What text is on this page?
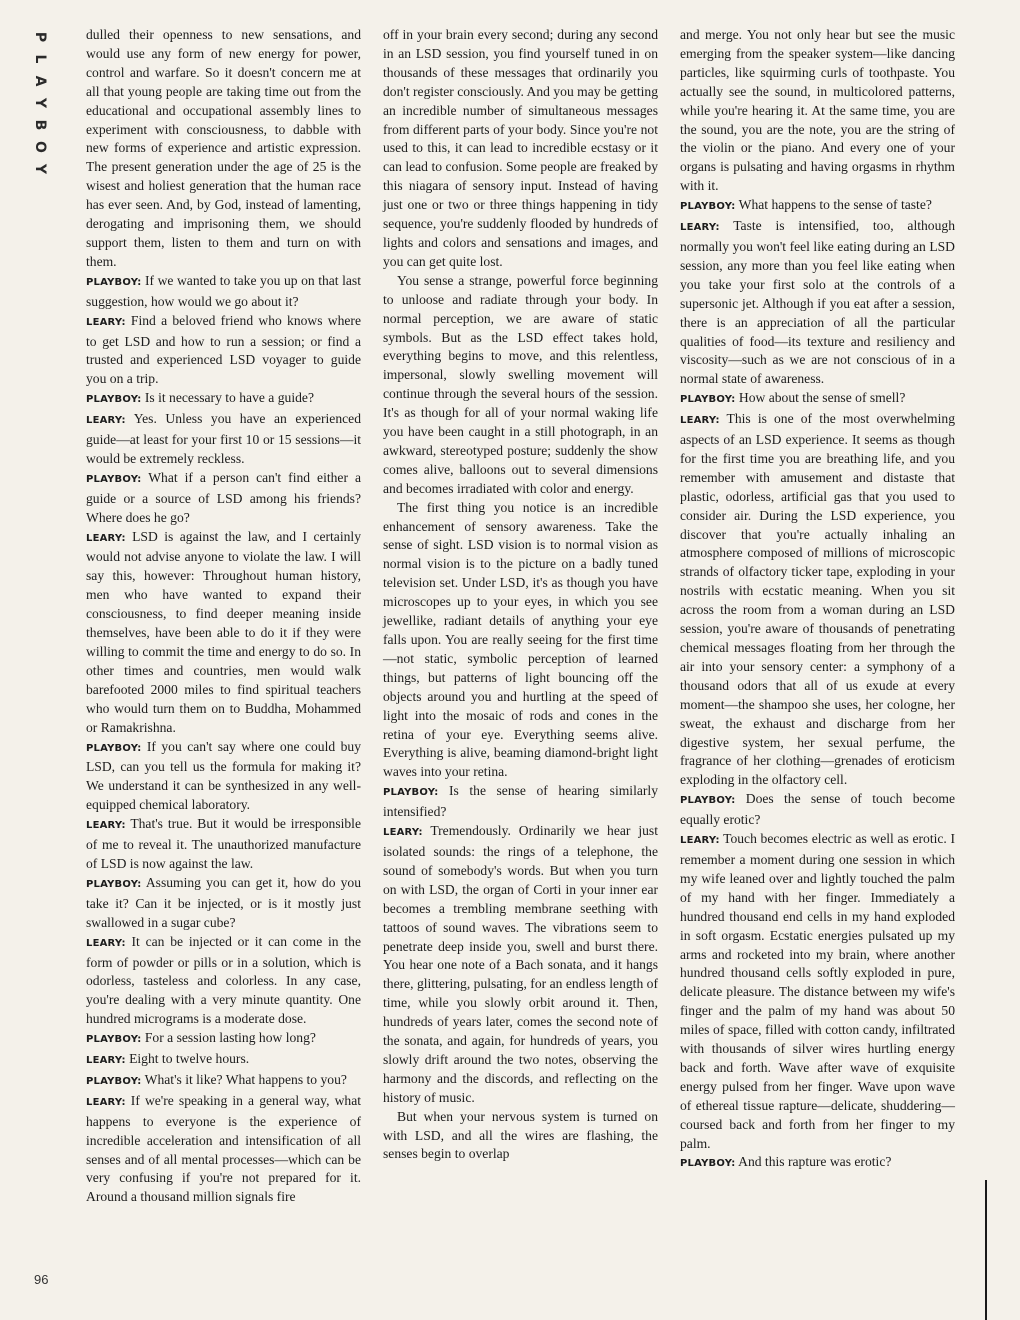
P
L
A
Y
B
O
Y

dulled their openness to new sensations, and would use any form of new energy for power, control and warfare. So it doesn't concern me at all that young people are taking time out from the educational and occupational assembly lines to experiment with consciousness, to dabble with new forms of experience and artistic expression. The present generation under the age of 25 is the wisest and holiest generation that the human race has ever seen. And, by God, instead of lamenting, derogating and imprisoning them, we should support them, listen to them and turn on with them.

PLAYBOY: If we wanted to take you up on that last suggestion, how would we go about it?

LEARY: Find a beloved friend who knows where to get LSD and how to run a session; or find a trusted and experienced LSD voyager to guide you on a trip.

PLAYBOY: Is it necessary to have a guide?

LEARY: Yes. Unless you have an experienced guide—at least for your first 10 or 15 sessions—it would be extremely reckless.

PLAYBOY: What if a person can't find either a guide or a source of LSD among his friends? Where does he go?

LEARY: LSD is against the law, and I certainly would not advise anyone to violate the law. I will say this, however: Throughout human history, men who have wanted to expand their consciousness, to find deeper meaning inside themselves, have been able to do it if they were willing to commit the time and energy to do so. In other times and countries, men would walk barefooted 2000 miles to find spiritual teachers who would turn them on to Buddha, Mohammed or Ramakrishna.

PLAYBOY: If you can't say where one could buy LSD, can you tell us the formula for making it? We understand it can be synthesized in any well-equipped chemical laboratory.

LEARY: That's true. But it would be irresponsible of me to reveal it. The unauthorized manufacture of LSD is now against the law.

PLAYBOY: Assuming you can get it, how do you take it? Can it be injected, or is it mostly just swallowed in a sugar cube?

LEARY: It can be injected or it can come in the form of powder or pills or in a solution, which is odorless, tasteless and colorless. In any case, you're dealing with a very minute quantity. One hundred micrograms is a moderate dose.

PLAYBOY: For a session lasting how long?

LEARY: Eight to twelve hours.

PLAYBOY: What's it like? What happens to you?

LEARY: If we're speaking in a general way, what happens to everyone is the experience of incredible acceleration and intensification of all senses and of all mental processes—which can be very confusing if you're not prepared for it. Around a thousand million signals fire

off in your brain every second; during any second in an LSD session, you find yourself tuned in on thousands of these messages that ordinarily you don't register consciously. And you may be getting an incredible number of simultaneous messages from different parts of your body. Since you're not used to this, it can lead to incredible ecstasy or it can lead to confusion. Some people are freaked by this niagara of sensory input. Instead of having just one or two or three things happening in tidy sequence, you're suddenly flooded by hundreds of lights and colors and sensations and images, and you can get quite lost.

You sense a strange, powerful force beginning to unloose and radiate through your body. In normal perception, we are aware of static symbols. But as the LSD effect takes hold, everything begins to move, and this relentless, impersonal, slowly swelling movement will continue through the several hours of the session. It's as though for all of your normal waking life you have been caught in a still photograph, in an awkward, stereotyped posture; suddenly the show comes alive, balloons out to several dimensions and becomes irradiated with color and energy.

The first thing you notice is an incredible enhancement of sensory awareness. Take the sense of sight. LSD vision is to normal vision as normal vision is to the picture on a badly tuned television set. Under LSD, it's as though you have microscopes up to your eyes, in which you see jewellike, radiant details of anything your eye falls upon. You are really seeing for the first time—not static, symbolic perception of learned things, but patterns of light bouncing off the objects around you and hurtling at the speed of light into the mosaic of rods and cones in the retina of your eye. Everything seems alive. Everything is alive, beaming diamond-bright light waves into your retina.

PLAYBOY: Is the sense of hearing similarly intensified?

LEARY: Tremendously. Ordinarily we hear just isolated sounds: the rings of a telephone, the sound of somebody's words. But when you turn on with LSD, the organ of Corti in your inner ear becomes a trembling membrane seething with tattoos of sound waves. The vibrations seem to penetrate deep inside you, swell and burst there. You hear one note of a Bach sonata, and it hangs there, glittering, pulsating, for an endless length of time, while you slowly orbit around it. Then, hundreds of years later, comes the second note of the sonata, and again, for hundreds of years, you slowly drift around the two notes, observing the harmony and the discords, and reflecting on the history of music.

But when your nervous system is turned on with LSD, and all the wires are flashing, the senses begin to overlap

and merge. You not only hear but see the music emerging from the speaker system—like dancing particles, like squirming curls of toothpaste. You actually see the sound, in multicolored patterns, while you're hearing it. At the same time, you are the sound, you are the note, you are the string of the violin or the piano. And every one of your organs is pulsating and having orgasms in rhythm with it.

PLAYBOY: What happens to the sense of taste?

LEARY: Taste is intensified, too, although normally you won't feel like eating during an LSD session, any more than you feel like eating when you take your first solo at the controls of a supersonic jet. Although if you eat after a session, there is an appreciation of all the particular qualities of food—its texture and resiliency and viscosity—such as we are not conscious of in a normal state of awareness.

PLAYBOY: How about the sense of smell?

LEARY: This is one of the most overwhelming aspects of an LSD experience. It seems as though for the first time you are breathing life, and you remember with amusement and distaste that plastic, odorless, artificial gas that you used to consider air. During the LSD experience, you discover that you're actually inhaling an atmosphere composed of millions of microscopic strands of olfactory ticker tape, exploding in your nostrils with ecstatic meaning. When you sit across the room from a woman during an LSD session, you're aware of thousands of penetrating chemical messages floating from her through the air into your sensory center: a symphony of a thousand odors that all of us exude at every moment—the shampoo she uses, her cologne, her sweat, the exhaust and discharge from her digestive system, her sexual perfume, the fragrance of her clothing—grenades of eroticism exploding in the olfactory cell.

PLAYBOY: Does the sense of touch become equally erotic?

LEARY: Touch becomes electric as well as erotic. I remember a moment during one session in which my wife leaned over and lightly touched the palm of my hand with her finger. Immediately a hundred thousand end cells in my hand exploded in soft orgasm. Ecstatic energies pulsated up my arms and rocketed into my brain, where another hundred thousand cells softly exploded in pure, delicate pleasure. The distance between my wife's finger and the palm of my hand was about 50 miles of space, filled with cotton candy, infiltrated with thousands of silver wires hurtling energy back and forth. Wave after wave of exquisite energy pulsed from her finger. Wave upon wave of ethereal tissue rapture—delicate, shuddering—coursed back and forth from her finger to my palm.

PLAYBOY: And this rapture was erotic?

96
